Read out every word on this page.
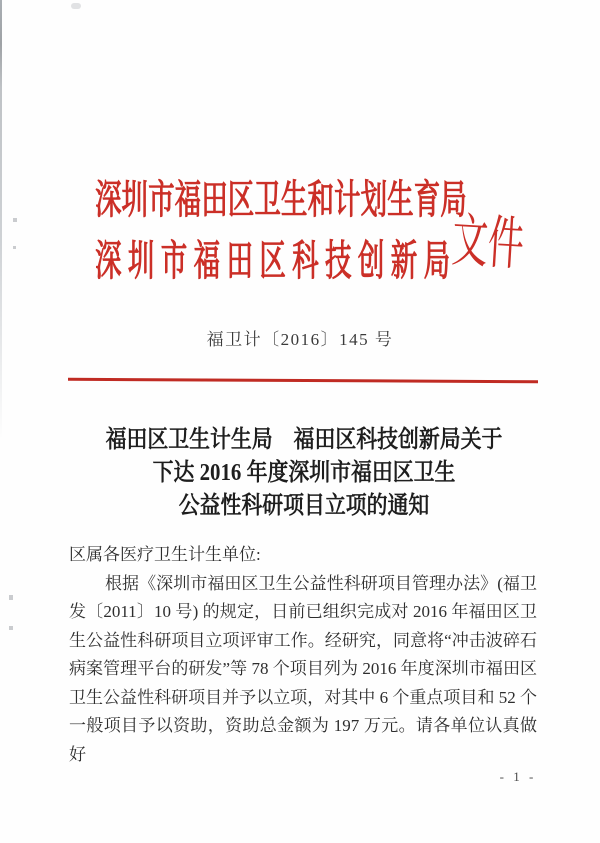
深圳市福田区卫生和计划生育局
深圳市福田区科技创新局
文件
福卫计〔2016〕145 号
福田区卫生计生局　福田区科技创新局关于
下达 2016 年度深圳市福田区卫生
公益性科研项目立项的通知
区属各医疗卫生计生单位:
根据《深圳市福田区卫生公益性科研项目管理办法》(福卫
发〔2011〕10 号) 的规定，日前已组织完成对 2016 年福田区卫
生公益性科研项目立项评审工作。经研究，同意将“冲击波碎石
病案管理平台的研发”等 78 个项目列为 2016 年度深圳市福田区
卫生公益性科研项目并予以立项，对其中 6 个重点项目和 52 个
一般项目予以资助，资助总金额为 197 万元。请各单位认真做好
- 1 -
